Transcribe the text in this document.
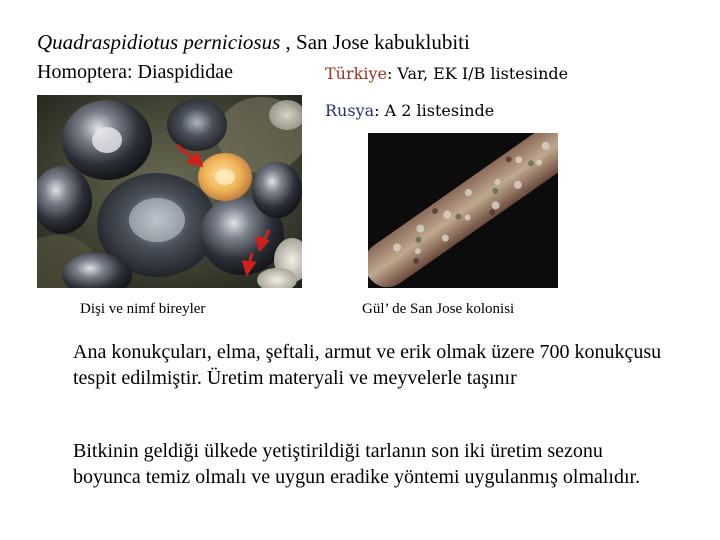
Quadraspidiotus perniciosus , San Jose kabuklubiti
Homoptera: Diaspididae	Türkiye: Var, EK I/B listesinde
Rusya: A 2 listesinde
Dişi ve nimf bireyler	Gül’ de San Jose kolonisi
Ana konukçuları, elma, şeftali, armut ve erik olmak üzere 700 konukçusu tespit edilmiştir. Üretim materyali ve meyvelerle taşınır
Bitkinin geldiği ülkede yetiştirildiği tarlanın son iki üretim sezonu boyunca temiz olmalı ve uygun eradike yöntemi uygulanmış olmalıdır.
